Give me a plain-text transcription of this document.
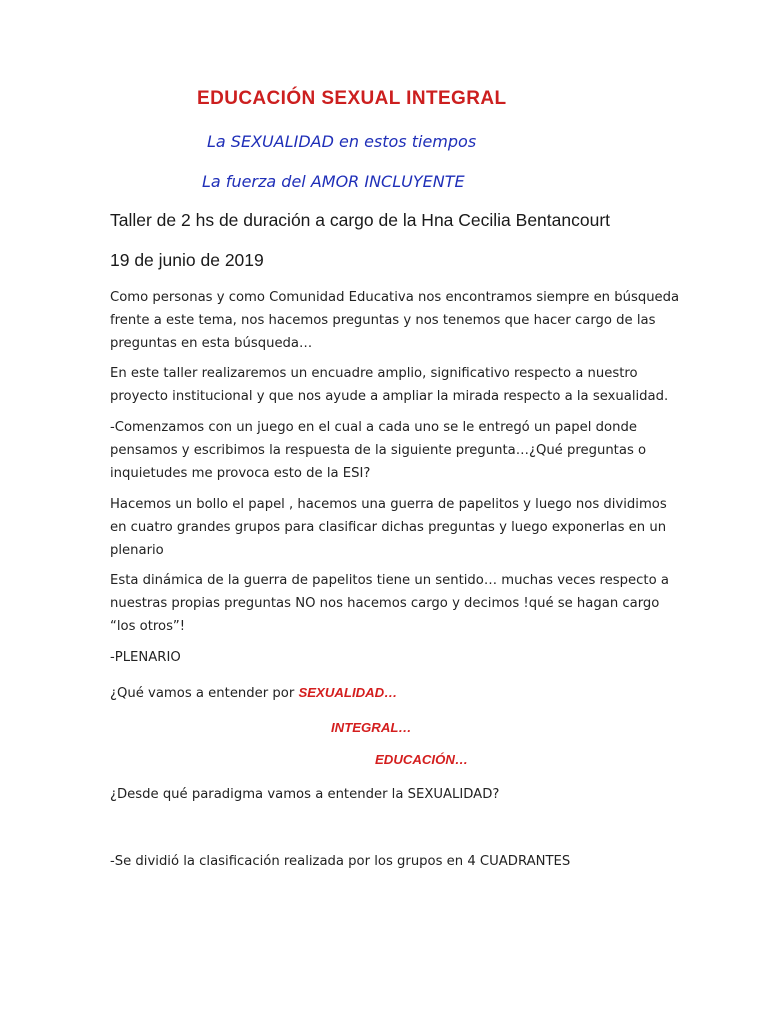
EDUCACIÓN SEXUAL INTEGRAL
La SEXUALIDAD en estos tiempos
La fuerza del AMOR INCLUYENTE
Taller de 2 hs de duración a cargo de la Hna Cecilia Bentancourt
19 de junio de 2019
Como personas y como Comunidad Educativa nos encontramos siempre en búsqueda
frente a este tema, nos hacemos preguntas y nos tenemos que hacer cargo de las
preguntas en esta búsqueda…
En este taller realizaremos un encuadre amplio, significativo respecto a nuestro
proyecto institucional y que nos ayude a ampliar la mirada respecto a la sexualidad.
-Comenzamos con un juego en el cual a cada uno se le entregó un papel donde
pensamos y escribimos la respuesta de la siguiente pregunta…¿Qué preguntas o
inquietudes me provoca esto de la ESI?
Hacemos un bollo el papel , hacemos una guerra de papelitos y luego nos dividimos
en cuatro grandes grupos para clasificar dichas preguntas y luego exponerlas en un
plenario
Esta dinámica de la guerra de papelitos tiene un sentido… muchas veces respecto a
nuestras propias preguntas NO nos hacemos cargo y decimos !qué se hagan cargo
“los otros”!
-PLENARIO
¿Qué vamos a entender por SEXUALIDAD…
INTEGRAL…
EDUCACIÓN…
¿Desde qué paradigma vamos a entender la SEXUALIDAD?
-Se dividió la clasificación realizada por los grupos en 4 CUADRANTES
